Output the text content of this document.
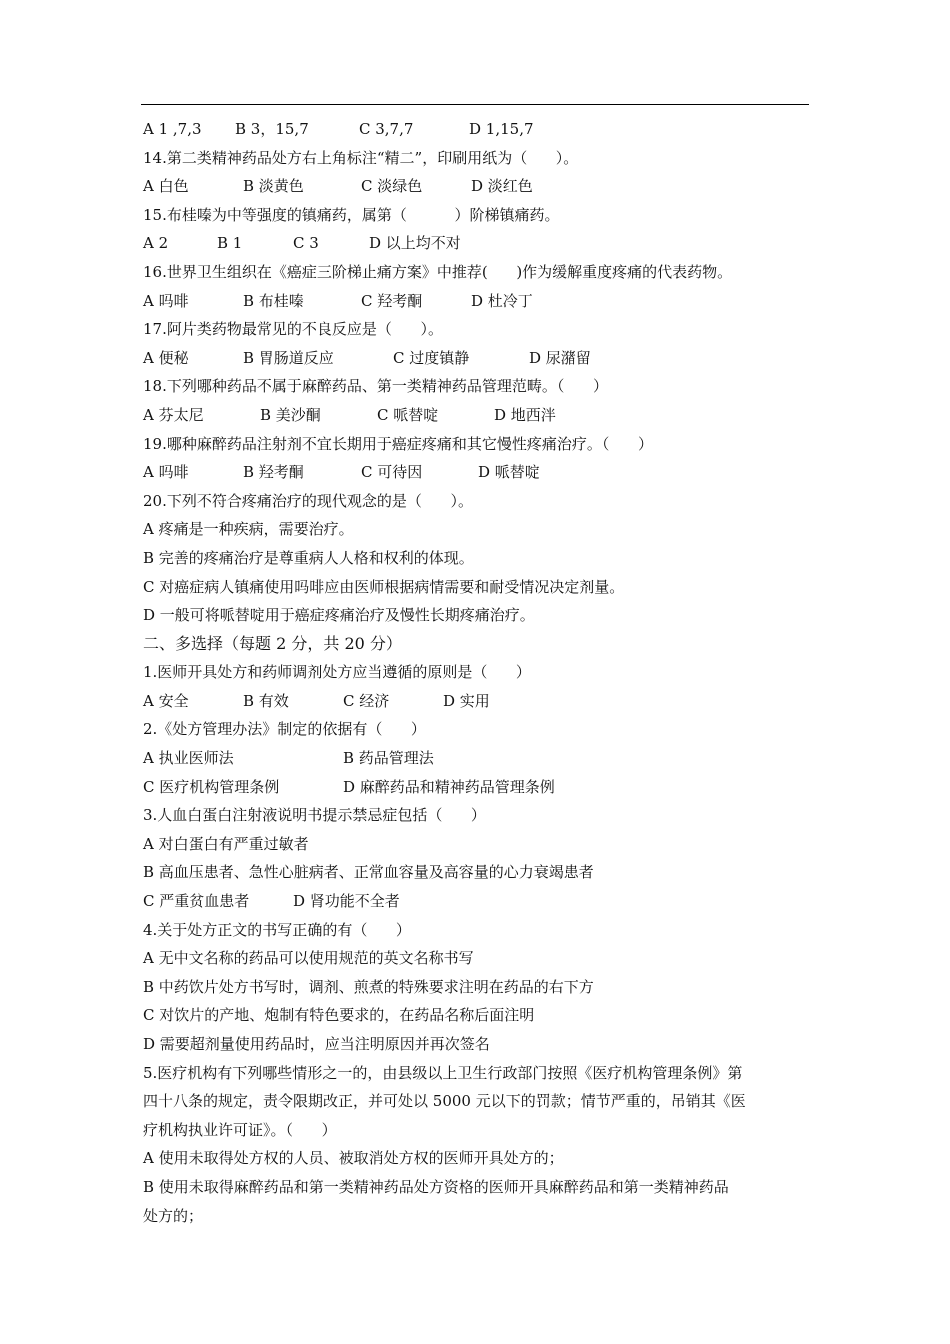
A 1 ,7,3	B 3，15,7	C 3,7,7	D 1,15,7
14.第二类精神药品处方右上角标注“精二”，印刷用纸为（      ）。
A 白色	B 淡黄色	C 淡绿色	D 淡红色
15.布桂嗪为中等强度的镇痛药，属第（          ）阶梯镇痛药。
A 2	B 1	C 3	D 以上均不对
16.世界卫生组织在《癌症三阶梯止痛方案》中推荐(      )作为缓解重度疼痛的代表药物。
A 吗啡	B 布桂嗪	C 羟考酮	D 杜冷丁
17.阿片类药物最常见的不良反应是（      ）。
A 便秘	B 胃肠道反应	C 过度镇静	D 尿潴留
18.下列哪种药品不属于麻醉药品、第一类精神药品管理范畴。（      ）
A 芬太尼	B 美沙酮	C 哌替啶	D 地西泮
19.哪种麻醉药品注射剂不宜长期用于癌症疼痛和其它慢性疼痛治疗。（      ）
A 吗啡	B 羟考酮	C 可待因	D 哌替啶
20.下列不符合疼痛治疗的现代观念的是（      ）。
A 疼痛是一种疾病，需要治疗。
B 完善的疼痛治疗是尊重病人人格和权利的体现。
C 对癌症病人镇痛使用吗啡应由医师根据病情需要和耐受情况决定剂量。
D 一般可将哌替啶用于癌症疼痛治疗及慢性长期疼痛治疗。
二、多选择（每题 2 分，共 20 分）
1.医师开具处方和药师调剂处方应当遵循的原则是（      ）
A 安全	B 有效	C 经济	D 实用
2.《处方管理办法》制定的依据有（      ）
A 执业医师法	B 药品管理法
C 医疗机构管理条例	D 麻醉药品和精神药品管理条例
3.人血白蛋白注射液说明书提示禁忌症包括（      ）
A 对白蛋白有严重过敏者
B 高血压患者、急性心脏病者、正常血容量及高容量的心力衰竭患者
C 严重贫血患者	D 肾功能不全者
4.关于处方正文的书写正确的有（      ）
A 无中文名称的药品可以使用规范的英文名称书写
B 中药饮片处方书写时，调剂、煎煮的特殊要求注明在药品的右下方
C 对饮片的产地、炮制有特色要求的，在药品名称后面注明
D 需要超剂量使用药品时，应当注明原因并再次签名
5.医疗机构有下列哪些情形之一的，由县级以上卫生行政部门按照《医疗机构管理条例》第
四十八条的规定，责令限期改正，并可处以 5000 元以下的罚款；情节严重的，吊销其《医
疗机构执业许可证》。（      ）
A 使用未取得处方权的人员、被取消处方权的医师开具处方的；
B 使用未取得麻醉药品和第一类精神药品处方资格的医师开具麻醉药品和第一类精神药品
处方的；
